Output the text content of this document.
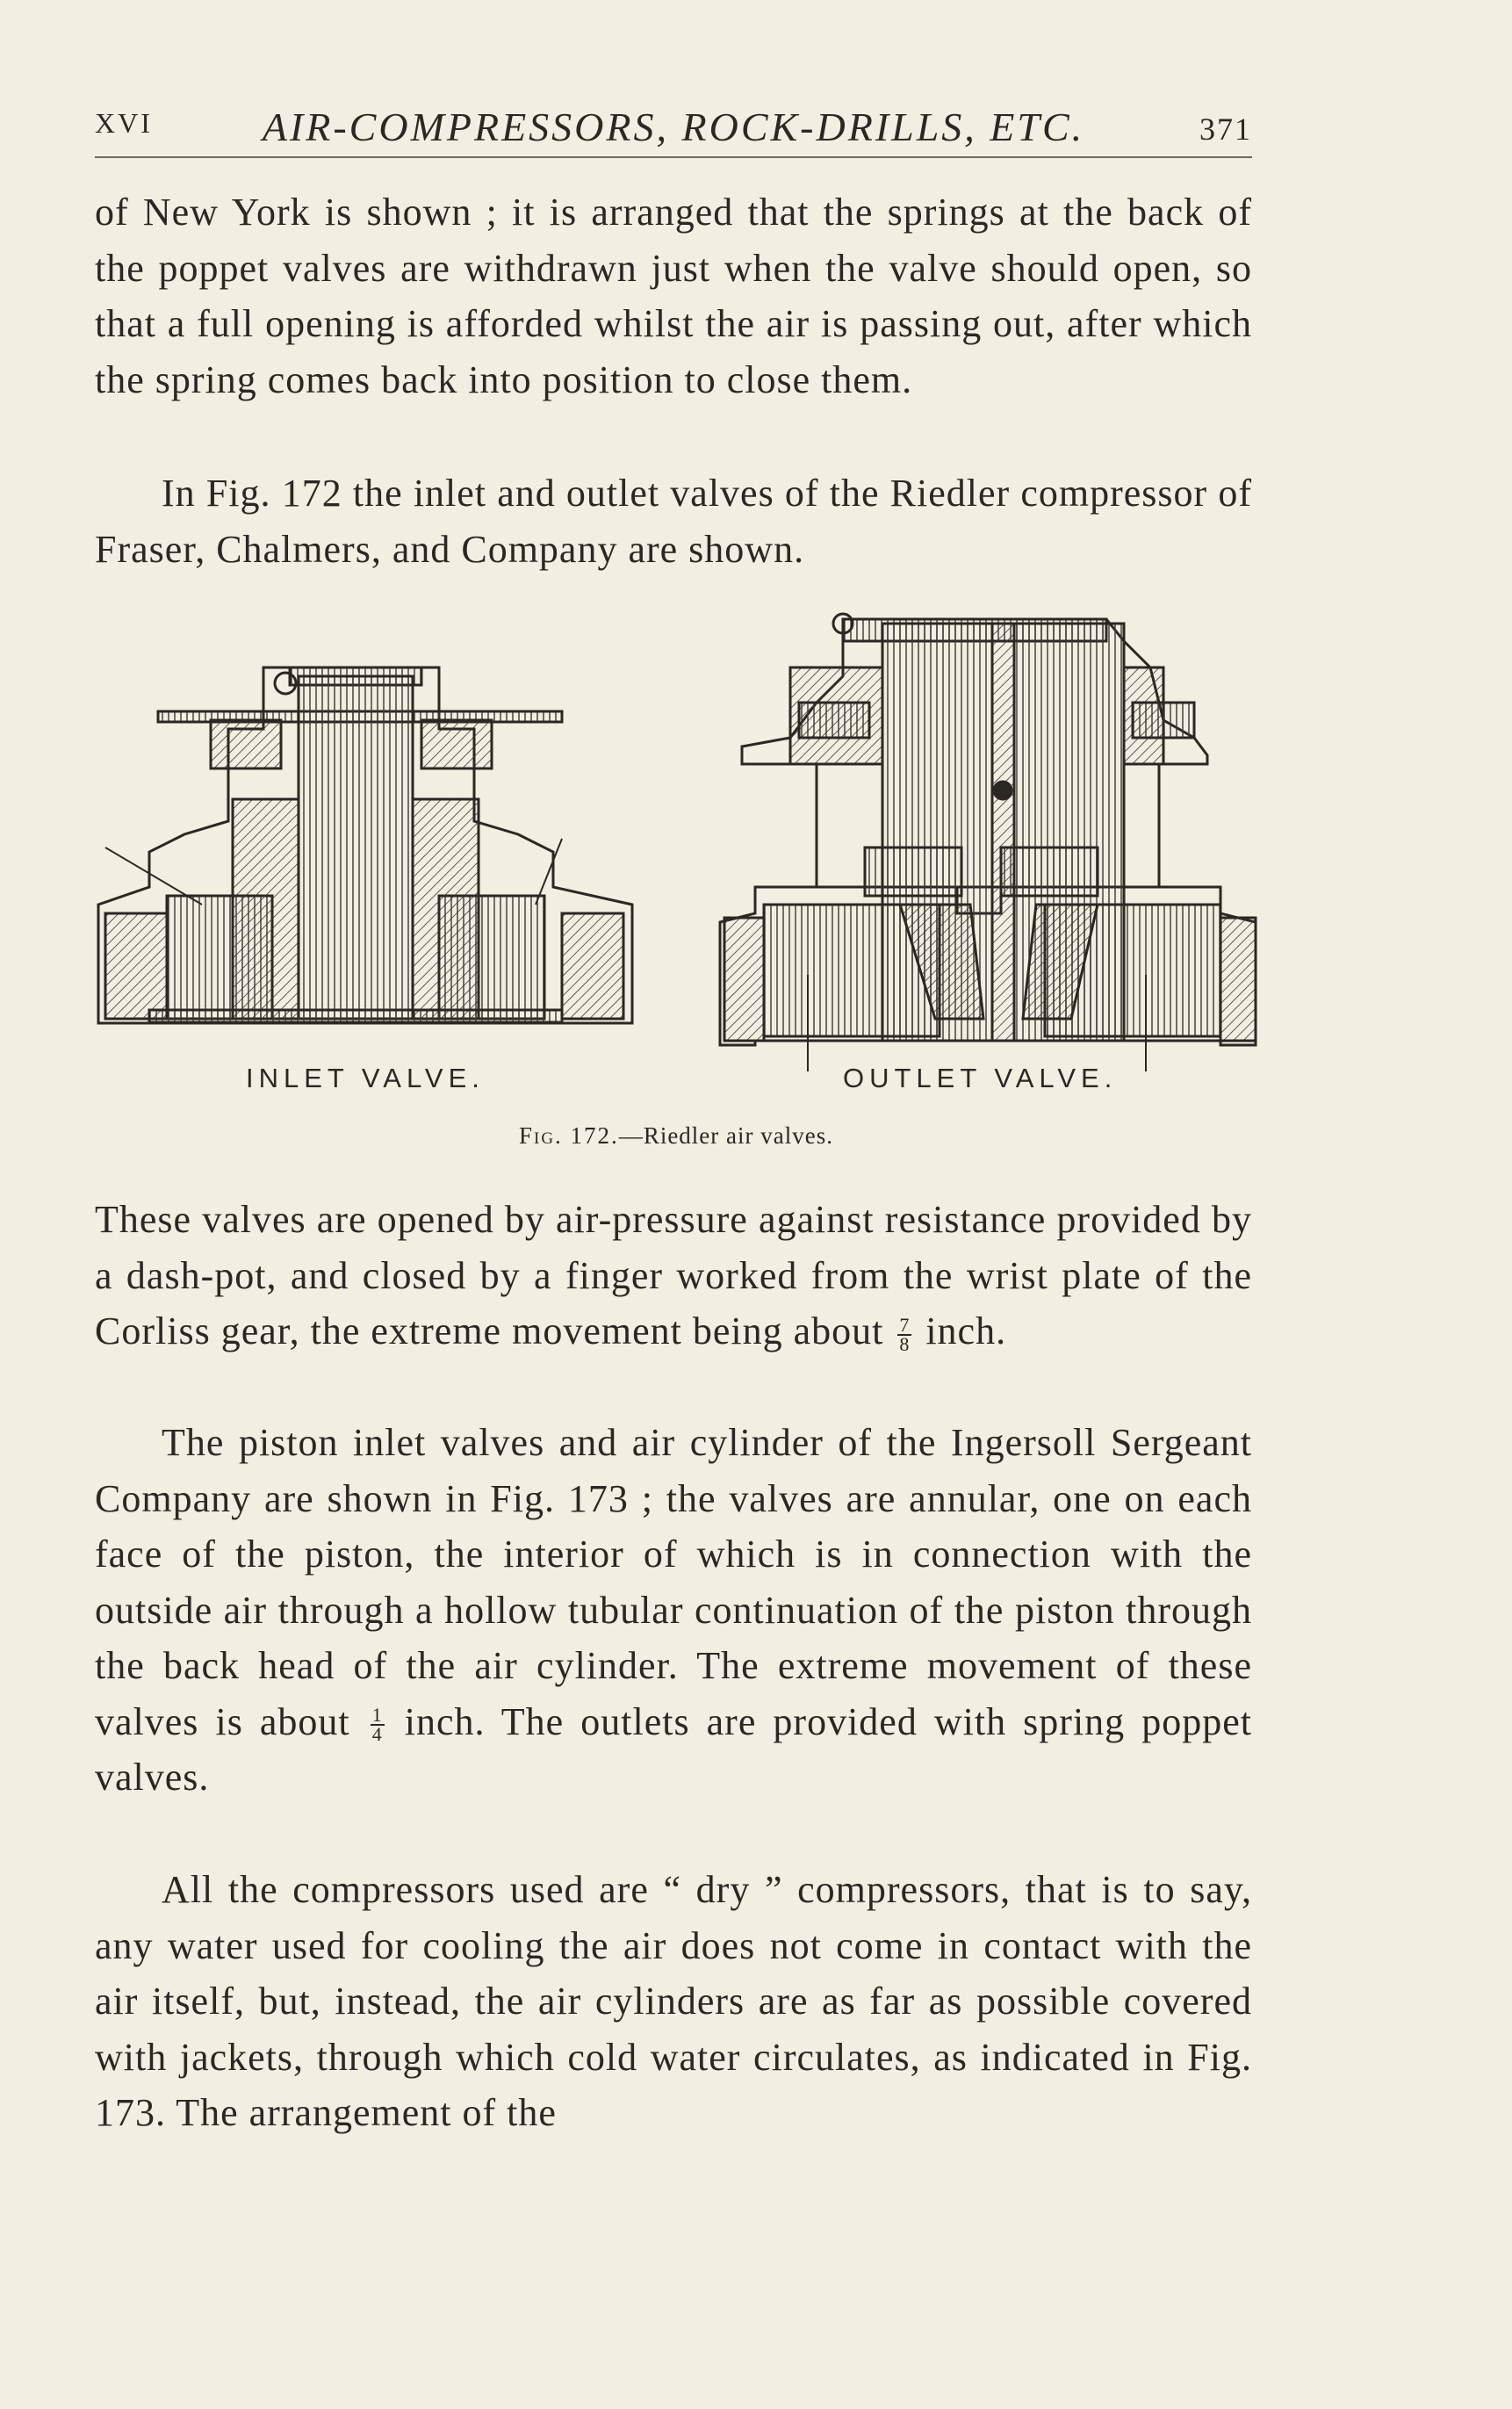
XVI	AIR-COMPRESSORS, ROCK-DRILLS, ETC.	371

of New York is shown ; it is arranged that the springs at the back of the poppet valves are withdrawn just when the valve should open, so that a full opening is afforded whilst the air is passing out, after which the spring comes back into position to close them.

In Fig. 172 the inlet and outlet valves of the Riedler compressor of Fraser, Chalmers, and Company are shown.

INLET VALVE.	OUTLET VALVE.
Fig. 172.—Riedler air valves.

These valves are opened by air-pressure against resistance provided by a dash-pot, and closed by a finger worked from the wrist plate of the Corliss gear, the extreme movement being about $\frac{7}{8}$ inch.

The piston inlet valves and air cylinder of the Ingersoll Sergeant Company are shown in Fig. 173 ; the valves are annular, one on each face of the piston, the interior of which is in connection with the outside air through a hollow tubular continuation of the piston through the back head of the air cylinder. The extreme movement of these valves is about $\frac{1}{4}$ inch. The outlets are provided with spring poppet valves.

All the compressors used are “ dry ” compressors, that is to say, any water used for cooling the air does not come in contact with the air itself, but, instead, the air cylinders are as far as possible covered with jackets, through which cold water circulates, as indicated in Fig. 173. The arrangement of the
